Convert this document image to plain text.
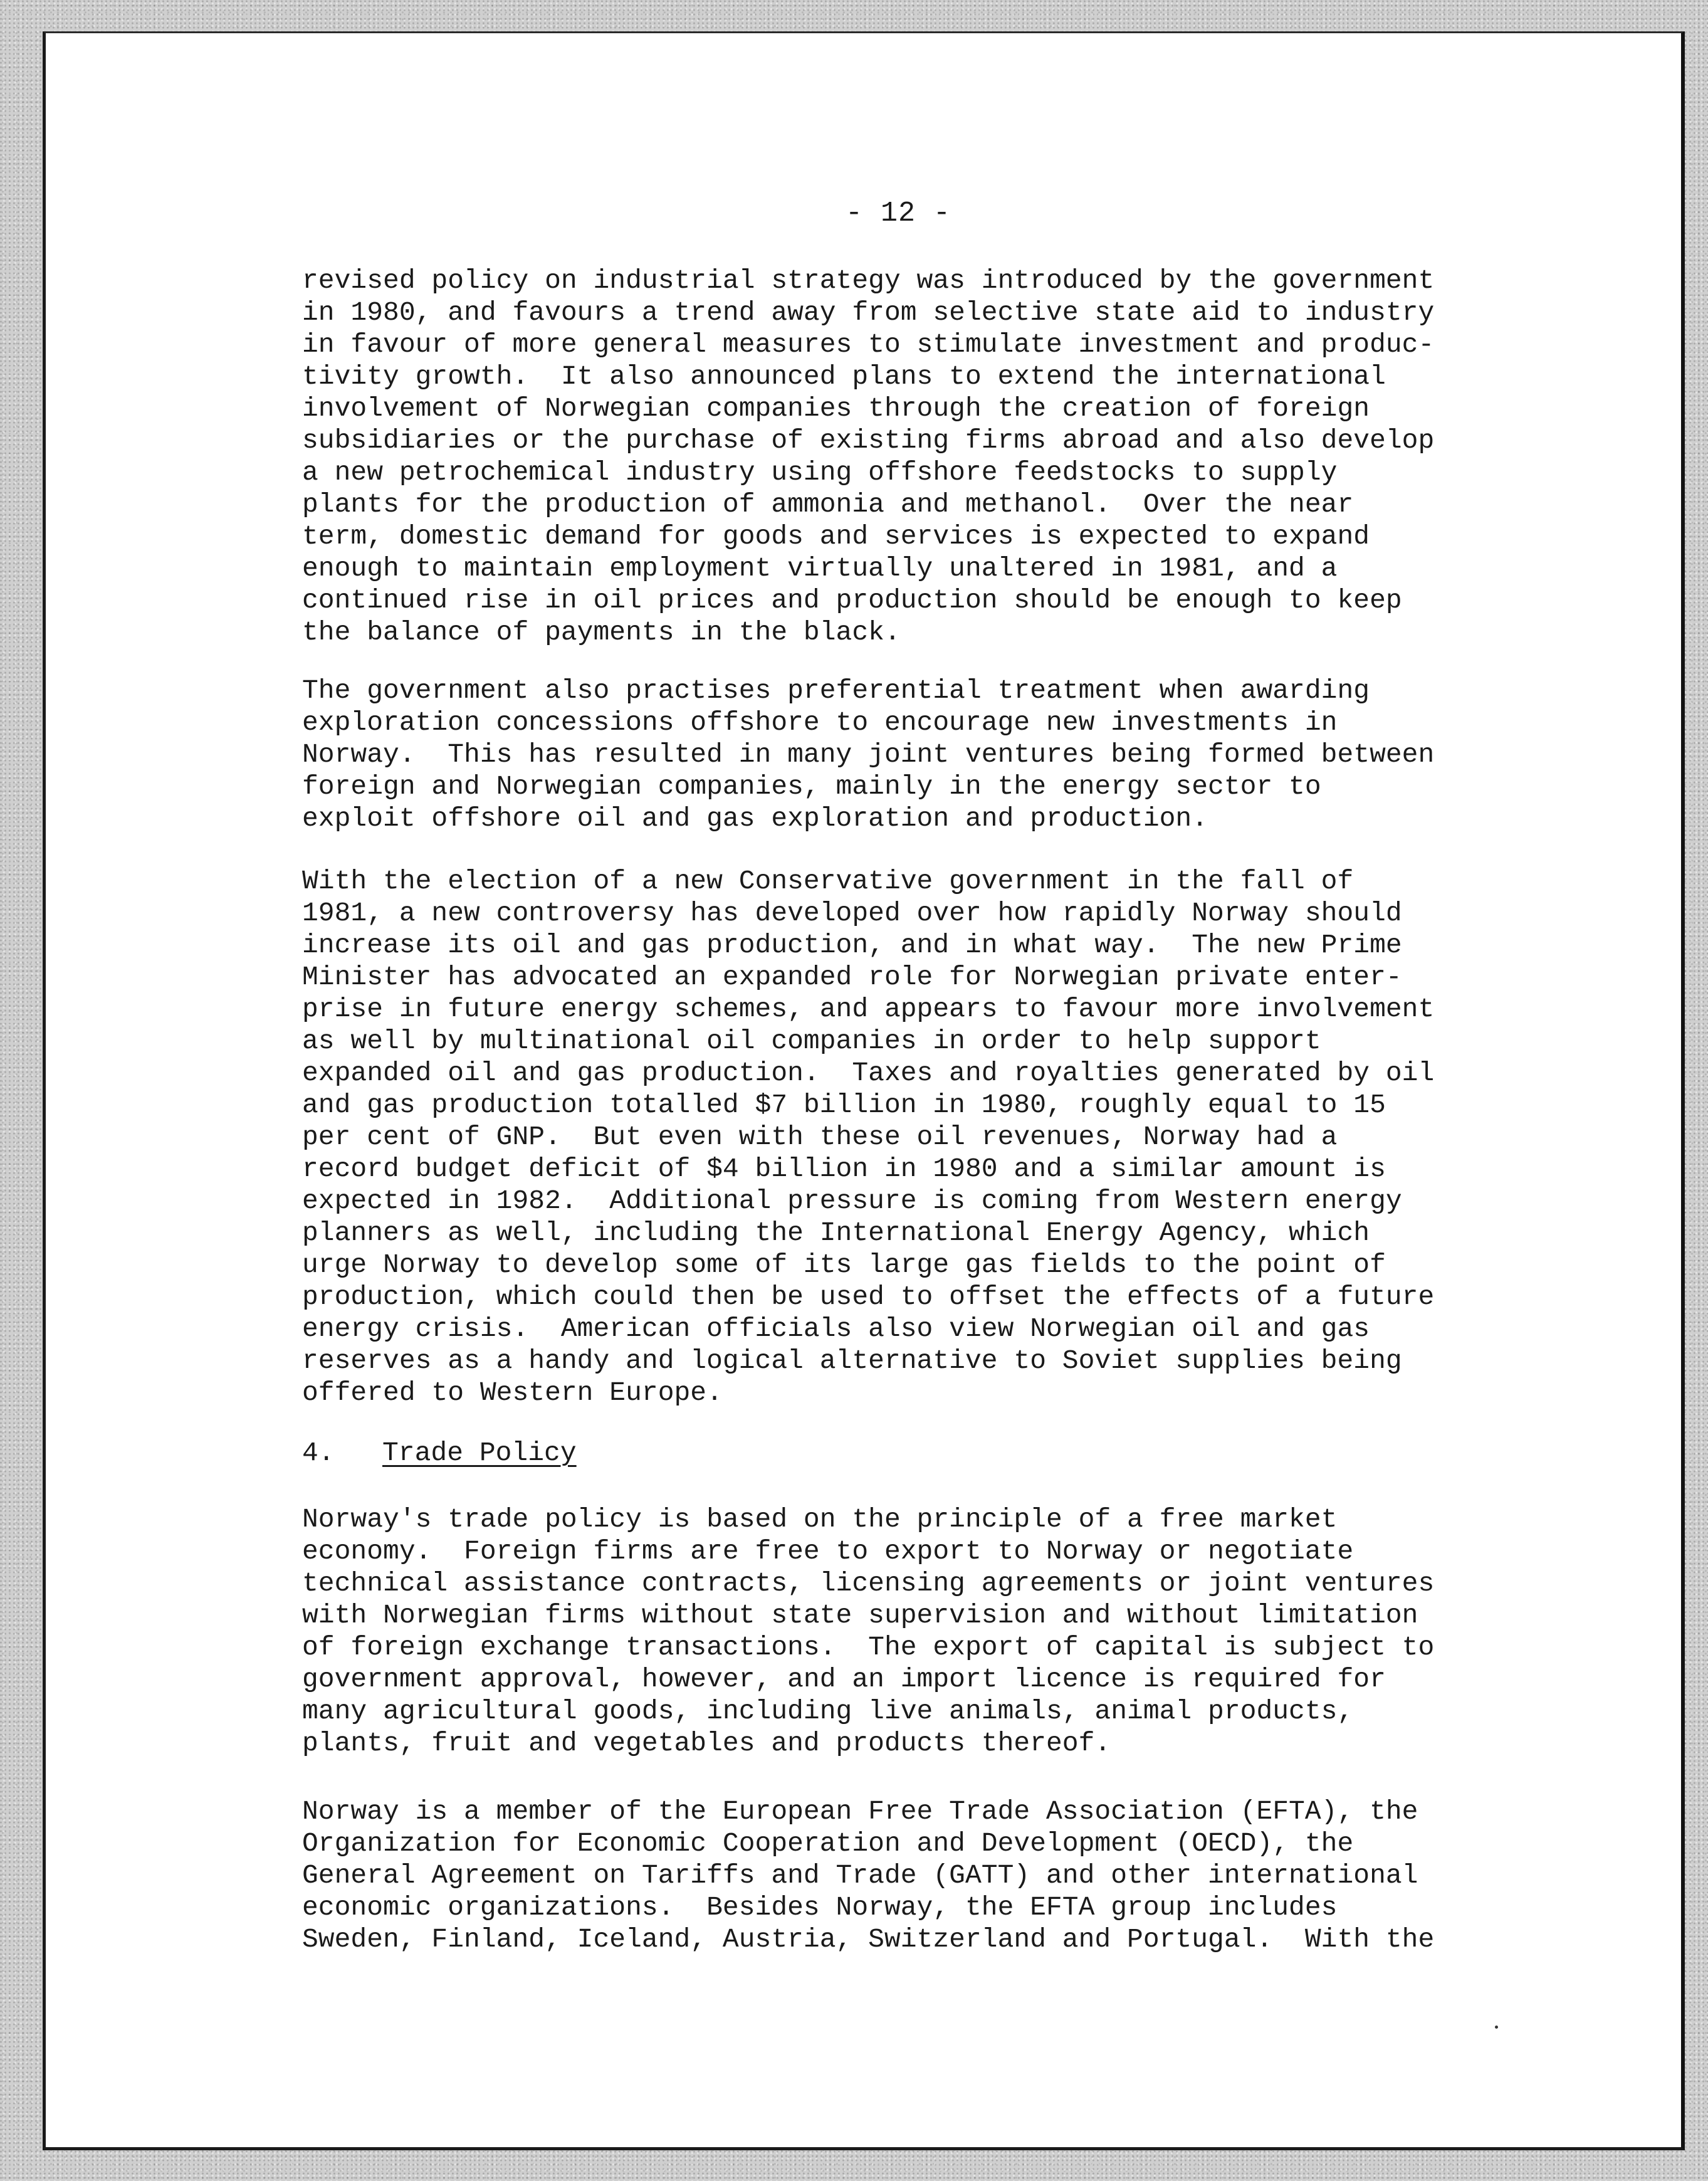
- 12 -

revised policy on industrial strategy was introduced by the government
in 1980, and favours a trend away from selective state aid to industry
in favour of more general measures to stimulate investment and produc-
tivity growth.  It also announced plans to extend the international
involvement of Norwegian companies through the creation of foreign
subsidiaries or the purchase of existing firms abroad and also develop
a new petrochemical industry using offshore feedstocks to supply
plants for the production of ammonia and methanol.  Over the near
term, domestic demand for goods and services is expected to expand
enough to maintain employment virtually unaltered in 1981, and a
continued rise in oil prices and production should be enough to keep
the balance of payments in the black.

The government also practises preferential treatment when awarding
exploration concessions offshore to encourage new investments in
Norway.  This has resulted in many joint ventures being formed between
foreign and Norwegian companies, mainly in the energy sector to
exploit offshore oil and gas exploration and production.

With the election of a new Conservative government in the fall of
1981, a new controversy has developed over how rapidly Norway should
increase its oil and gas production, and in what way.  The new Prime
Minister has advocated an expanded role for Norwegian private enter-
prise in future energy schemes, and appears to favour more involvement
as well by multinational oil companies in order to help support
expanded oil and gas production.  Taxes and royalties generated by oil
and gas production totalled $7 billion in 1980, roughly equal to 15
per cent of GNP.  But even with these oil revenues, Norway had a
record budget deficit of $4 billion in 1980 and a similar amount is
expected in 1982.  Additional pressure is coming from Western energy
planners as well, including the International Energy Agency, which
urge Norway to develop some of its large gas fields to the point of
production, which could then be used to offset the effects of a future
energy crisis.  American officials also view Norwegian oil and gas
reserves as a handy and logical alternative to Soviet supplies being
offered to Western Europe.

4. Trade Policy

Norway's trade policy is based on the principle of a free market
economy.  Foreign firms are free to export to Norway or negotiate
technical assistance contracts, licensing agreements or joint ventures
with Norwegian firms without state supervision and without limitation
of foreign exchange transactions.  The export of capital is subject to
government approval, however, and an import licence is required for
many agricultural goods, including live animals, animal products,
plants, fruit and vegetables and products thereof.

Norway is a member of the European Free Trade Association (EFTA), the
Organization for Economic Cooperation and Development (OECD), the
General Agreement on Tariffs and Trade (GATT) and other international
economic organizations.  Besides Norway, the EFTA group includes
Sweden, Finland, Iceland, Austria, Switzerland and Portugal.  With the
